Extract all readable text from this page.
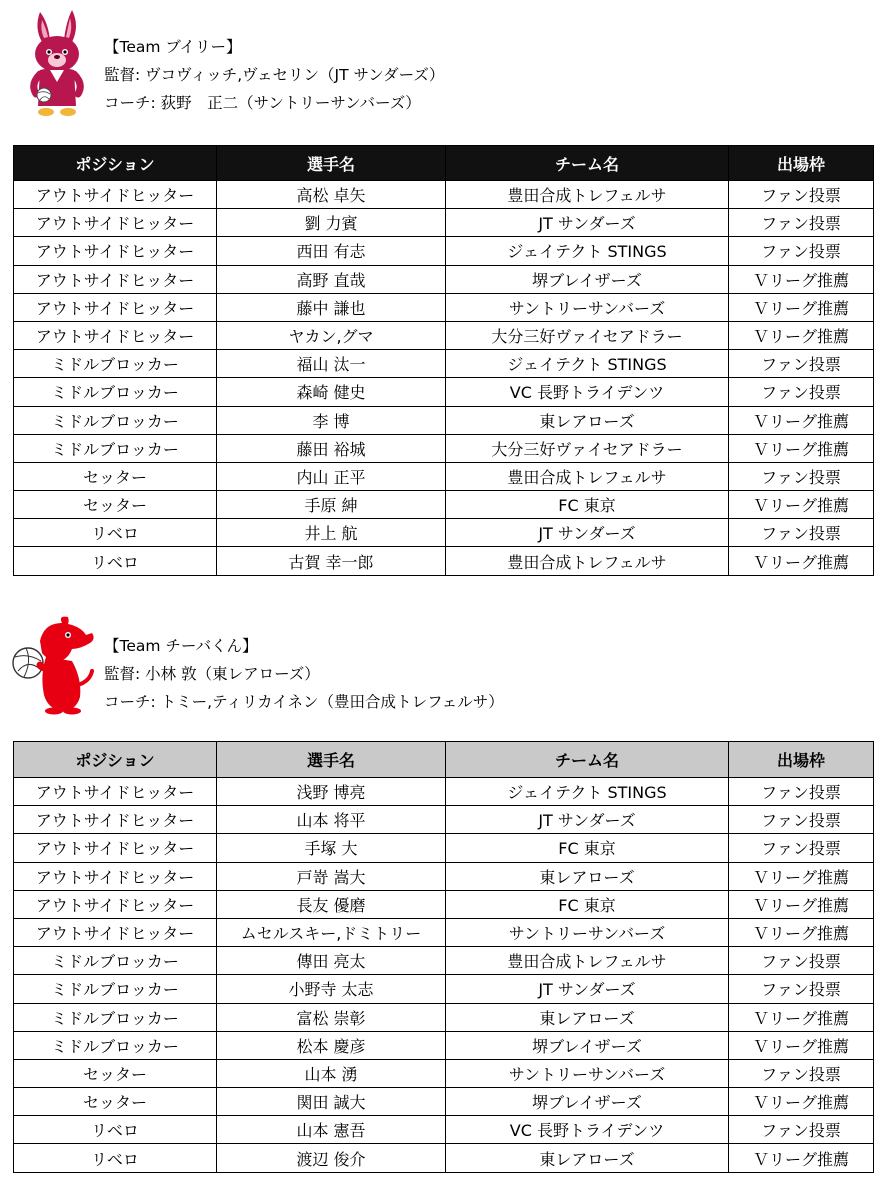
【Team ブイリー】
監督: ヴコヴィッチ,ヴェセリン（JT サンダーズ）
コーチ: 荻野　正二（サントリーサンバーズ）
ポジション	選手名	チーム名	出場枠
アウトサイドヒッター	高松 卓矢	豊田合成トレフェルサ	ファン投票
アウトサイドヒッター	劉 力賓	JT サンダーズ	ファン投票
アウトサイドヒッター	西田 有志	ジェイテクト STINGS	ファン投票
アウトサイドヒッター	高野 直哉	堺ブレイザーズ	Ｖリーグ推薦
アウトサイドヒッター	藤中 謙也	サントリーサンバーズ	Ｖリーグ推薦
アウトサイドヒッター	ヤカン,グマ	大分三好ヴァイセアドラー	Ｖリーグ推薦
ミドルブロッカー	福山 汰一	ジェイテクト STINGS	ファン投票
ミドルブロッカー	森崎 健史	VC 長野トライデンツ	ファン投票
ミドルブロッカー	李 博	東レアローズ	Ｖリーグ推薦
ミドルブロッカー	藤田 裕城	大分三好ヴァイセアドラー	Ｖリーグ推薦
セッター	内山 正平	豊田合成トレフェルサ	ファン投票
セッター	手原 紳	FC 東京	Ｖリーグ推薦
リベロ	井上 航	JT サンダーズ	ファン投票
リベロ	古賀 幸一郎	豊田合成トレフェルサ	Ｖリーグ推薦
【Team チーバくん】
監督: 小林 敦（東レアローズ）
コーチ: トミー,ティリカイネン（豊田合成トレフェルサ）
ポジション	選手名	チーム名	出場枠
アウトサイドヒッター	浅野 博亮	ジェイテクト STINGS	ファン投票
アウトサイドヒッター	山本 将平	JT サンダーズ	ファン投票
アウトサイドヒッター	手塚 大	FC 東京	ファン投票
アウトサイドヒッター	戸嵜 嵩大	東レアローズ	Ｖリーグ推薦
アウトサイドヒッター	長友 優磨	FC 東京	Ｖリーグ推薦
アウトサイドヒッター	ムセルスキー,ドミトリー	サントリーサンバーズ	Ｖリーグ推薦
ミドルブロッカー	傳田 亮太	豊田合成トレフェルサ	ファン投票
ミドルブロッカー	小野寺 太志	JT サンダーズ	ファン投票
ミドルブロッカー	富松 崇彰	東レアローズ	Ｖリーグ推薦
ミドルブロッカー	松本 慶彦	堺ブレイザーズ	Ｖリーグ推薦
セッター	山本 湧	サントリーサンバーズ	ファン投票
セッター	関田 誠大	堺ブレイザーズ	Ｖリーグ推薦
リベロ	山本 憲吾	VC 長野トライデンツ	ファン投票
リベロ	渡辺 俊介	東レアローズ	Ｖリーグ推薦
